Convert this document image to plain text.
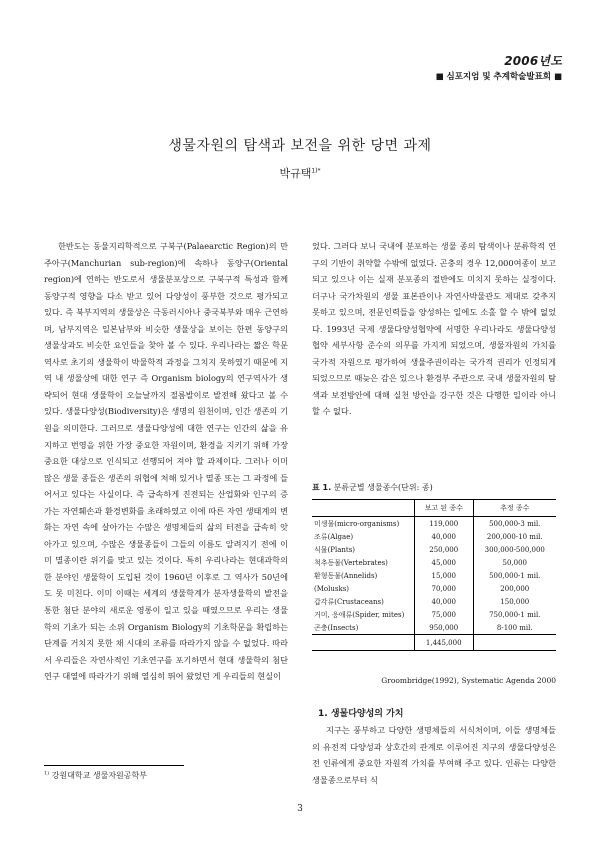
2006년도
■ 심포지엄 및 추계학술발표회 ■
생물자원의 탐색과 보전을 위한 당면 과제
박규택$^{1)*}$
한반도는 동물지리학적으로 구북구(Palaearctic Region)의 만주아구(Manchurian sub-region)에 속하나 동양구(Oriental region)에 연하는 반도로서 생물분포상으로 구북구적 특성과 함께 동양구적 영향을 다소 받고 있어 다양성이 풍부한 것으로 평가되고 있다. 즉 북부지역의 생물상은 극동러시아나 중국북부와 매우 근연하며, 남부지역은 일본남부와 비슷한 생물상을 보이는 한편 동양구의 생물상과도 비슷한 요인들을 찾아 볼 수 있다. 우리나라는 짧은 학문역사로 초기의 생물학이 박물학적 과정을 그치지 못하였기 때문에 지역 내 생물상에 대한 연구 즉 Organism biology의 연구역사가 생략되어 현대 생물학이 오늘날까지 절름발이로 발전해 왔다고 볼 수 있다. 생물다양성(Biodiversity)은 생명의 원천이며, 인간 생존의 기원을 의미한다. 그러므로 생물다양성에 대한 연구는 인간의 삶을 유지하고 번영을 위한 가장 중요한 자원이며, 환경을 지키기 위해 가장 중요한 대상으로 인식되고 선행되어 져야 할 과제이다. 그러나 이미 많은 생물 종들은 생존의 위협에 처해 있거나 멸종 또는 그 과정에 들어서고 있다는 사실이다. 즉 급속하게 진전되는 산업화와 인구의 증가는 자연훼손과 환경변화를 초래하였고 이에 따른 자연 생태계의 변화는 자연 속에 살아가는 수많은 생명체들의 삶의 터전을 급속히 앗아가고 있으며, 수많은 생물종들이 그들의 이름도 알려지기 전에 이미 멸종이란 위기를 맞고 있는 것이다. 특히 우리나라는 현대과학의 한 분야인 생물학이 도입된 것이 1960년 이후로 그 역사가 50년에도 못 미친다. 이미 이때는 세계의 생물학계가 분자생물학의 발전을 통한 첨단 분야의 새로운 영롱이 일고 있을 때였으므로 우리는 생물학의 기초가 되는 소위 Organism Biology의 기초학문을 확립하는 단계를 거치지 못한 채 시대의 조류를 따라가지 않을 수 없었다. 따라서 우리들은 자연사적인 기초연구를 포기하면서 현대 생물학의 첨단연구 대열에 따라가기 위해 열심히 뛰어 왔었던 게 우리들의 현실이
었다. 그러다 보니 국내에 분포하는 생물 종의 탐색이나 분류학적 연구의 기반이 취약할 수밖에 없었다. 곤충의 경우 12,000여종이 보고 되고 있으나 이는 실재 분포종의 절반에도 미치지 못하는 실정이다. 더구나 국가차원의 생물 표본관이나 자연사박물관도 제대로 갖추지 못하고 있으며, 전문인력들을 양성하는 일에도 소홀 할 수 밖에 없었다. 1993년 국제 생물다양성협약에 서명한 우리나라도 생물다양성협약 세부사항 준수의 의무를 가지게 되었으며, 생물자원의 가치를 국가적 자원으로 평가하여 생물주권이라는 국가적 권리가 인정되게 되었으므로 때늦은 감은 있으나 환경부 주관으로 국내 생물자원의 탐색과 보전방안에 대해 실천 방안을 강구한 것은 다행한 일이라 아니할 수 없다.
표 1. 분류군별 생물종수(단위: 종)
	보고 된 종수	추정 종수
미생물(micro-organisms)	119,000	500,000-3 mil.
조류(Algae)	40,000	200,000-10 mil.
식물(Plants)	250,000	300,000-500,000
척추동물(Vertebrates)	45,000	50,000
환형동물(Annelids)	15,000	500,000-1 mil.
(Molusks)	70,000	200,000
갑각류(Crustaceans)	40,000	150,000
거미, 응애류(Spider, mites)	75,000	750,000-1 mil.
곤충(Insects)	950,000	8-100 mil.
	1,445,000	
Groombridge(1992), Systematic Agenda 2000
1. 생물다양성의 가치
지구는 풍부하고 다양한 생명체들의 서식처이며, 이들 생명체들의 유전적 다양성과 상호간의 관계로 이루어진 지구의 생물다양성은 전 인류에게 중요한 자원적 가치를 부여해 주고 있다. 인류는 다양한 생물종으로부터 식
$^{1)}$ 강원대학교 생물자원공학부
3
